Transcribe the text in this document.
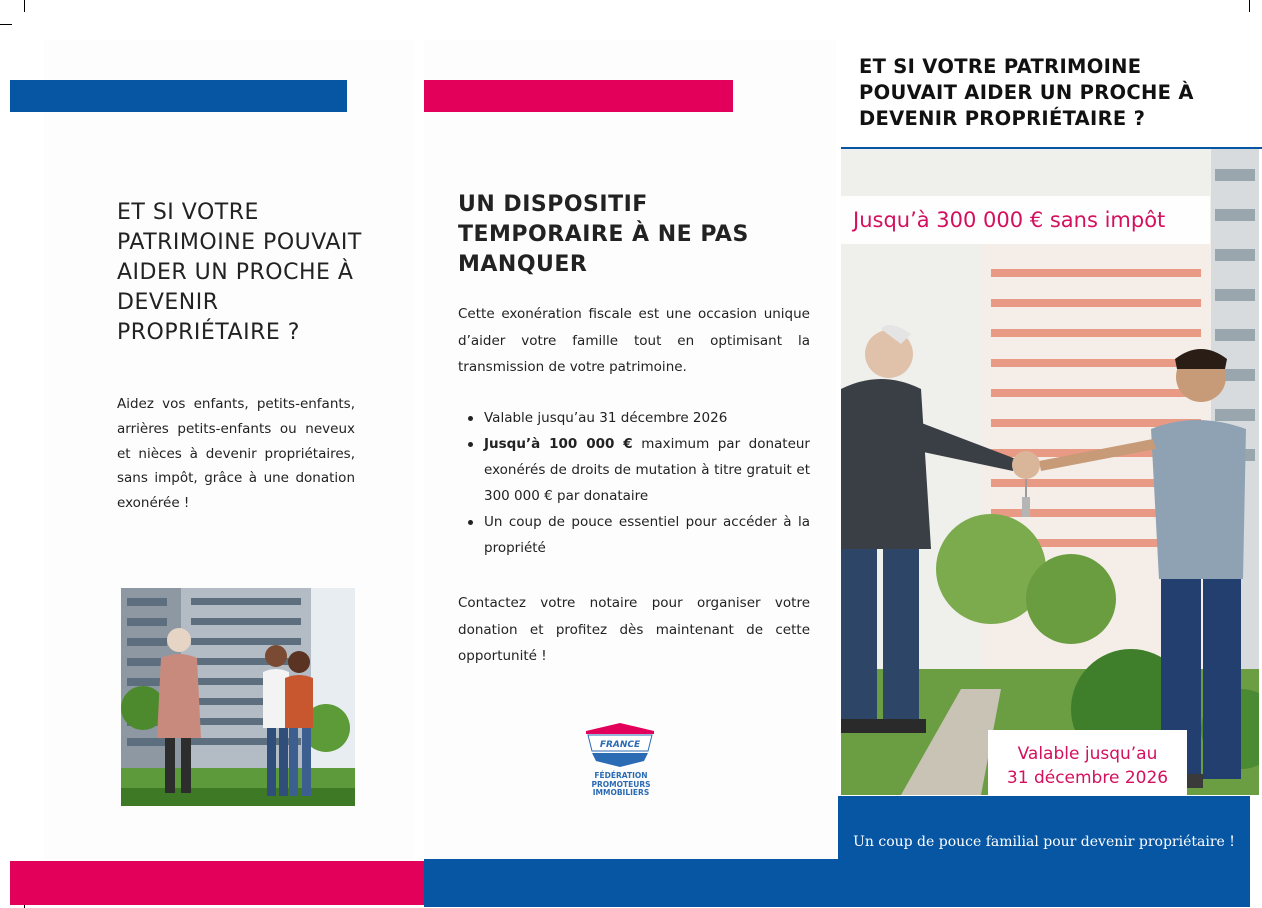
ET SI VOTRE PATRIMOINE POUVAIT AIDER UN PROCHE À DEVENIR PROPRIÉTAIRE ?

Aidez vos enfants, petits-enfants, arrières petits-enfants ou neveux et nièces à devenir propriétaires, sans impôt, grâce à une donation exonérée !

UN DISPOSITIF TEMPORAIRE À NE PAS MANQUER

Cette exonération fiscale est une occasion unique d’aider votre famille tout en optimisant la transmission de votre patrimoine.

Valable jusqu’au 31 décembre 2026
Jusqu’à 100 000 € maximum par donateur exonérés de droits de mutation à titre gratuit et 300 000 € par donataire
Un coup de pouce essentiel pour accéder à la propriété

Contactez votre notaire pour organiser votre donation et profitez dès maintenant de cette opportunité !

FRANCE
FÉDÉRATION
PROMOTEURS
IMMOBILIERS
ET SI VOTRE PATRIMOINE POUVAIT AIDER UN PROCHE À DEVENIR PROPRIÉTAIRE ?
Jusqu’à 300 000 € sans impôt
Valable jusqu’au
31 décembre 2026

Un coup de pouce familial pour devenir propriétaire !
